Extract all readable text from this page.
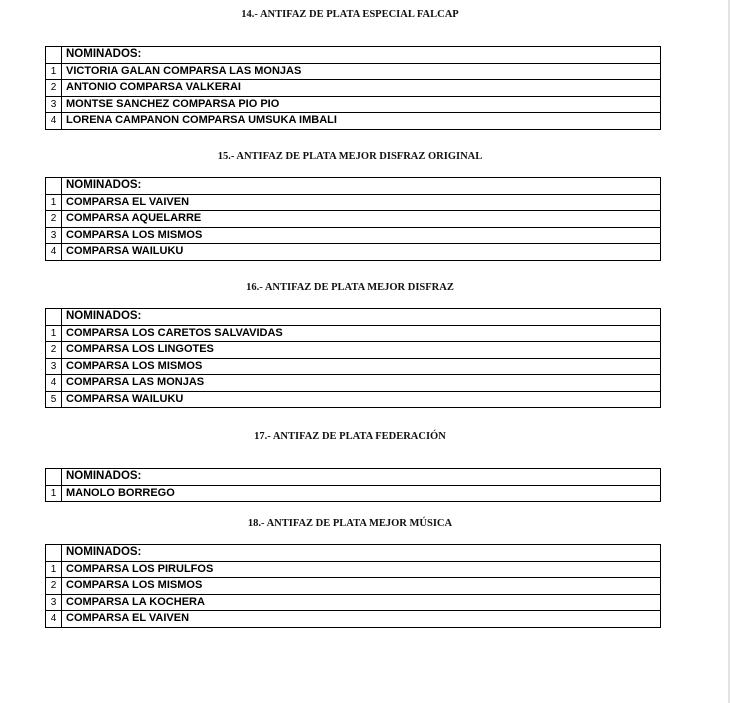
14.- ANTIFAZ DE PLATA ESPECIAL FALCAP
	NOMINADOS:
1	VICTORIA GALAN COMPARSA LAS MONJAS
2	ANTONIO COMPARSA VALKERAI
3	MONTSE SANCHEZ COMPARSA PIO PIO
4	LORENA CAMPANON COMPARSA UMSUKA IMBALI
15.- ANTIFAZ DE PLATA MEJOR DISFRAZ ORIGINAL
	NOMINADOS:
1	COMPARSA EL VAIVEN
2	COMPARSA AQUELARRE
3	COMPARSA LOS MISMOS
4	COMPARSA WAILUKU
16.- ANTIFAZ DE PLATA MEJOR DISFRAZ
	NOMINADOS:
1	COMPARSA LOS CARETOS SALVAVIDAS
2	COMPARSA LOS LINGOTES
3	COMPARSA LOS MISMOS
4	COMPARSA LAS MONJAS
5	COMPARSA WAILUKU
17.- ANTIFAZ DE PLATA FEDERACIÓN
	NOMINADOS:
1	MANOLO BORREGO
18.- ANTIFAZ DE PLATA MEJOR MÚSICA
	NOMINADOS:
1	COMPARSA LOS PIRULFOS
2	COMPARSA LOS MISMOS
3	COMPARSA LA KOCHERA
4	COMPARSA EL VAIVEN
